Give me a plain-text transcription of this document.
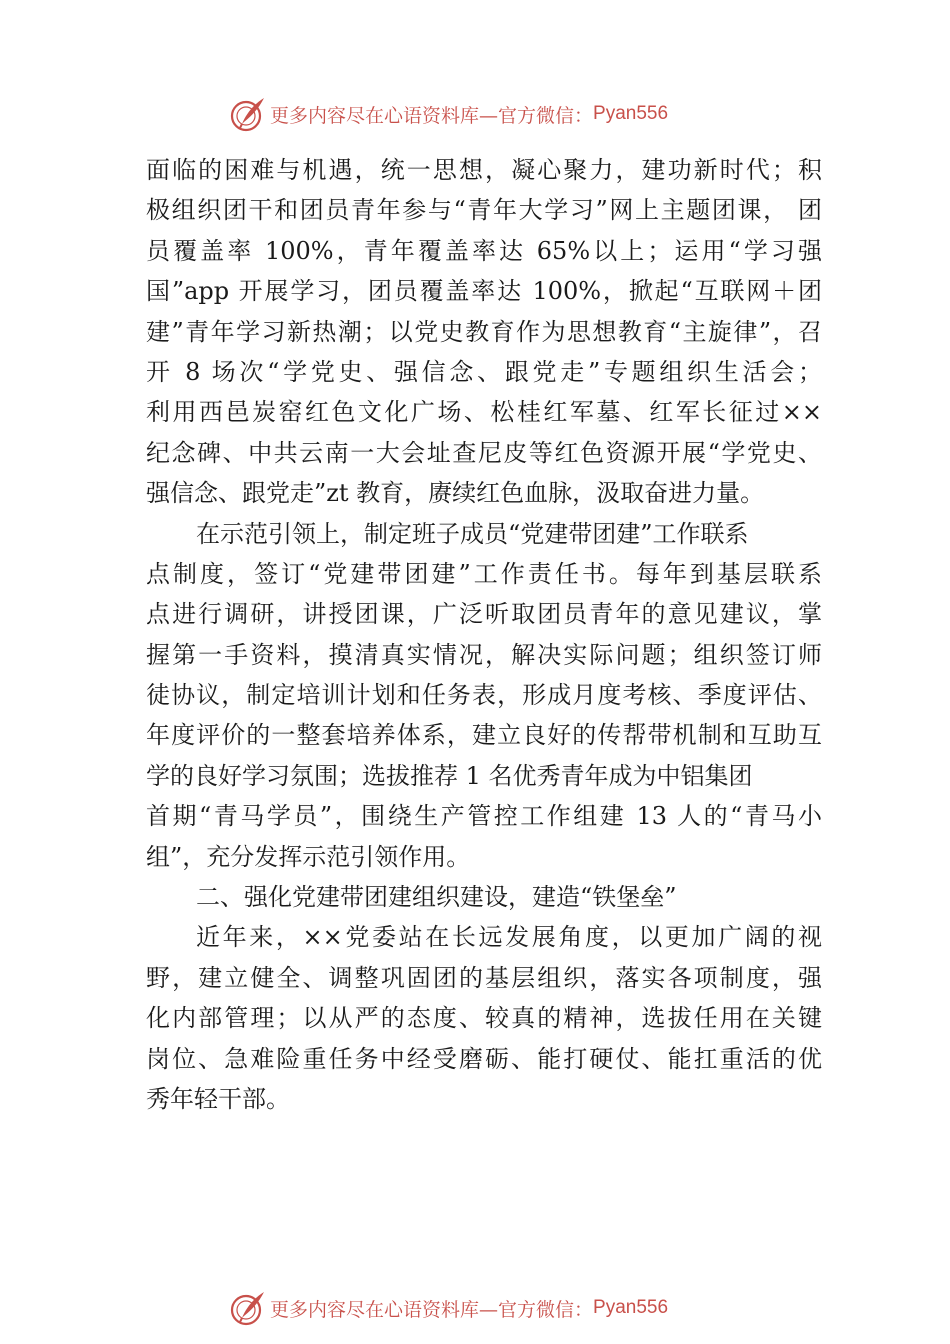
更多内容尽在心语资料库—官方微信： Pyan556
面临的困难与机遇，统一思想，凝心聚力，建功新时代；积
极组织团干和团员青年参与“青年大学习”网上主题团课， 团
员覆盖率 100%，青年覆盖率达 65%以上；运用“学习强
国”app 开展学习，团员覆盖率达 100%，掀起“互联网＋团
建”青年学习新热潮；以党史教育作为思想教育“主旋律”，召
开 8 场次“学党史、强信念、跟党走”专题组织生活会；
利用西邑炭窑红色文化广场、松桂红军墓、红军长征过××
纪念碑、中共云南一大会址查尼皮等红色资源开展“学党史、
强信念、跟党走”zt 教育，赓续红色血脉，汲取奋进力量。
在示范引领上，制定班子成员“党建带团建”工作联系
点制度，签订“党建带团建”工作责任书。每年到基层联系
点进行调研，讲授团课，广泛听取团员青年的意见建议，掌
握第一手资料，摸清真实情况，解决实际问题；组织签订师
徒协议，制定培训计划和任务表，形成月度考核、季度评估、
年度评价的一整套培养体系，建立良好的传帮带机制和互助互
学的良好学习氛围；选拔推荐 1 名优秀青年成为中铝集团
首期“青马学员”，围绕生产管控工作组建 13 人的“青马小
组”，充分发挥示范引领作用。
二、强化党建带团建组织建设，建造“铁堡垒”
近年来，××党委站在长远发展角度，以更加广阔的视
野，建立健全、调整巩固团的基层组织，落实各项制度，强
化内部管理；以从严的态度、较真的精神，选拔任用在关键
岗位、急难险重任务中经受磨砺、能打硬仗、能扛重活的优
秀年轻干部。
更多内容尽在心语资料库—官方微信： Pyan556
